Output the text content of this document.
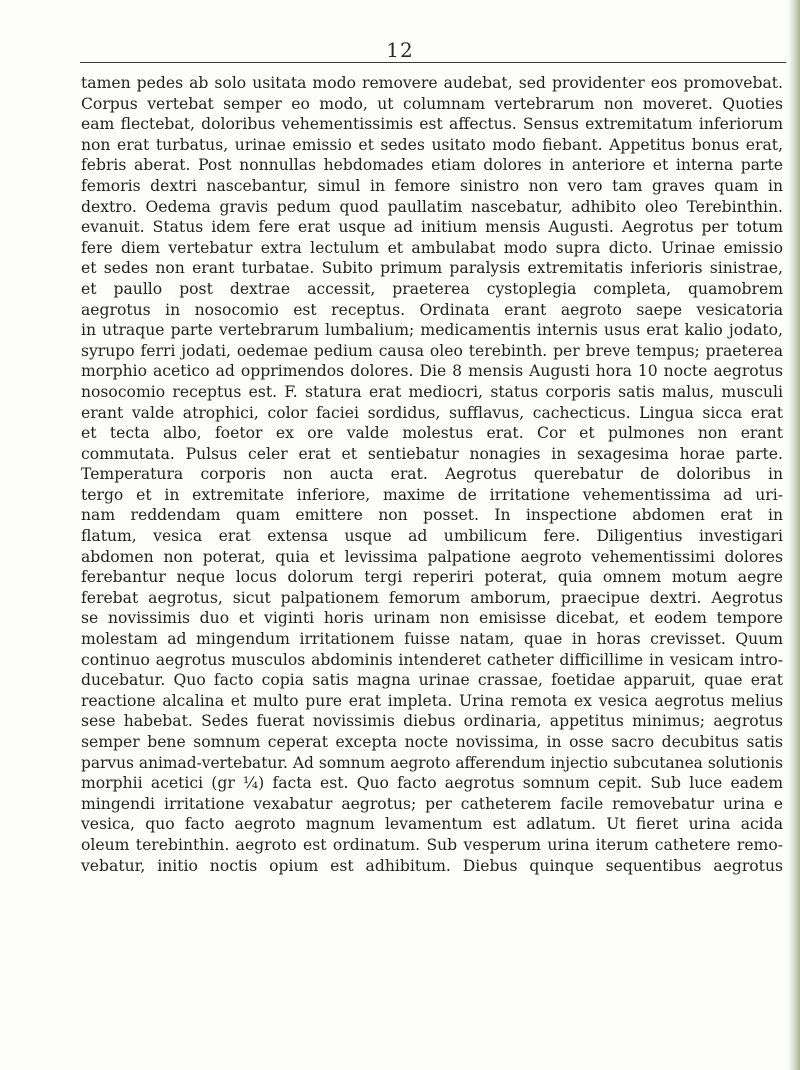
12
tamen pedes ab solo usitata modo removere audebat, sed providenter eos promovebat.
Corpus vertebat semper eo modo, ut columnam vertebrarum non moveret. Quoties
eam flectebat, doloribus vehementissimis est affectus. Sensus extremitatum inferiorum
non erat turbatus, urinae emissio et sedes usitato modo fiebant. Appetitus bonus erat,
febris aberat. Post nonnullas hebdomades etiam dolores in anteriore et interna parte
femoris dextri nascebantur, simul in femore sinistro non vero tam graves quam in
dextro. Oedema gravis pedum quod paullatim nascebatur, adhibito oleo Terebinthin.
evanuit. Status idem fere erat usque ad initium mensis Augusti. Aegrotus per totum
fere diem vertebatur extra lectulum et ambulabat modo supra dicto. Urinae emissio
et sedes non erant turbatae. Subito primum paralysis extremitatis inferioris sinistrae,
et paullo post dextrae accessit, praeterea cystoplegia completa, quamobrem
aegrotus in nosocomio est receptus. Ordinata erant aegroto saepe vesicatoria
in utraque parte vertebrarum lumbalium; medicamentis internis usus erat kalio jodato,
syrupo ferri jodati, oedemae pedium causa oleo terebinth. per breve tempus; praeterea
morphio acetico ad opprimendos dolores. Die 8 mensis Augusti hora 10 nocte aegrotus
nosocomio receptus est. F. statura erat mediocri, status corporis satis malus, musculi
erant valde atrophici, color faciei sordidus, sufflavus, cachecticus. Lingua sicca erat
et tecta albo, foetor ex ore valde molestus erat. Cor et pulmones non erant
commutata. Pulsus celer erat et sentiebatur nonagies in sexagesima horae parte.
Temperatura corporis non aucta erat. Aegrotus querebatur de doloribus in
tergo et in extremitate inferiore, maxime de irritatione vehementissima ad uri-
nam reddendam quam emittere non posset. In inspectione abdomen erat in
flatum, vesica erat extensa usque ad umbilicum fere. Diligentius investigari
abdomen non poterat, quia et levissima palpatione aegroto vehementissimi dolores
ferebantur neque locus dolorum tergi reperiri poterat, quia omnem motum aegre
ferebat aegrotus, sicut palpationem femorum amborum, praecipue dextri. Aegrotus
se novissimis duo et viginti horis urinam non emisisse dicebat, et eodem tempore
molestam ad mingendum irritationem fuisse natam, quae in horas crevisset. Quum
continuo aegrotus musculos abdominis intenderet catheter difficillime in vesicam intro-
ducebatur. Quo facto copia satis magna urinae crassae, foetidae apparuit, quae erat
reactione alcalina et multo pure erat impleta. Urina remota ex vesica aegrotus melius
sese habebat. Sedes fuerat novissimis diebus ordinaria, appetitus minimus; aegrotus
semper bene somnum ceperat excepta nocte novissima, in osse sacro decubitus satis
parvus animad-vertebatur. Ad somnum aegroto afferendum injectio subcutanea solutionis
morphii acetici (gr ¼) facta est. Quo facto aegrotus somnum cepit. Sub luce eadem
mingendi irritatione vexabatur aegrotus; per catheterem facile removebatur urina e
vesica, quo facto aegroto magnum levamentum est adlatum. Ut fieret urina acida
oleum terebinthin. aegroto est ordinatum. Sub vesperum urina iterum cathetere remo-
vebatur, initio noctis opium est adhibitum. Diebus quinque sequentibus aegrotus
